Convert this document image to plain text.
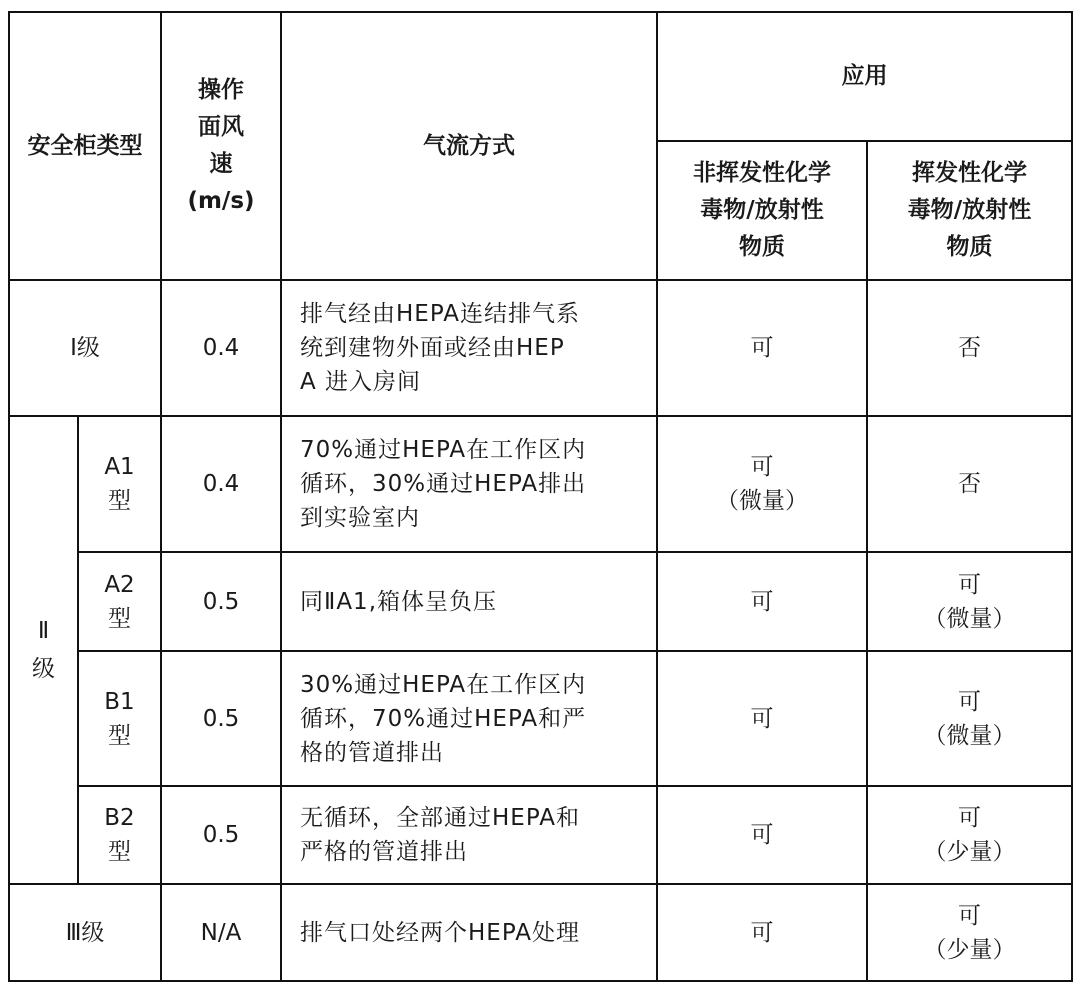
安全柜类型		操作
面风
速
(m/s)	气流方式	应用	

				非挥发性化学
毒物/放射性
物质	挥发性化学
毒物/放射性
物质

Ⅰ级		0.4	排气经由HEPA连结排气系
统到建物外面或经由HEP
A 进入房间	可	否

Ⅱ级	A1
型	0.4	70%通过HEPA在工作区内
循环，30%通过HEPA排出
到实验室内	可
（微量）	否

	A2
型	0.5	同ⅡA1,箱体呈负压	可	可
（微量）

	B1
型	0.5	30%通过HEPA在工作区内
循环，70%通过HEPA和严
格的管道排出	可	可
（微量）

	B2
型	0.5	无循环，全部通过HEPA和
严格的管道排出	可	可
（少量）

Ⅲ级		N/A	排气口处经两个HEPA处理	可	可
（少量）
